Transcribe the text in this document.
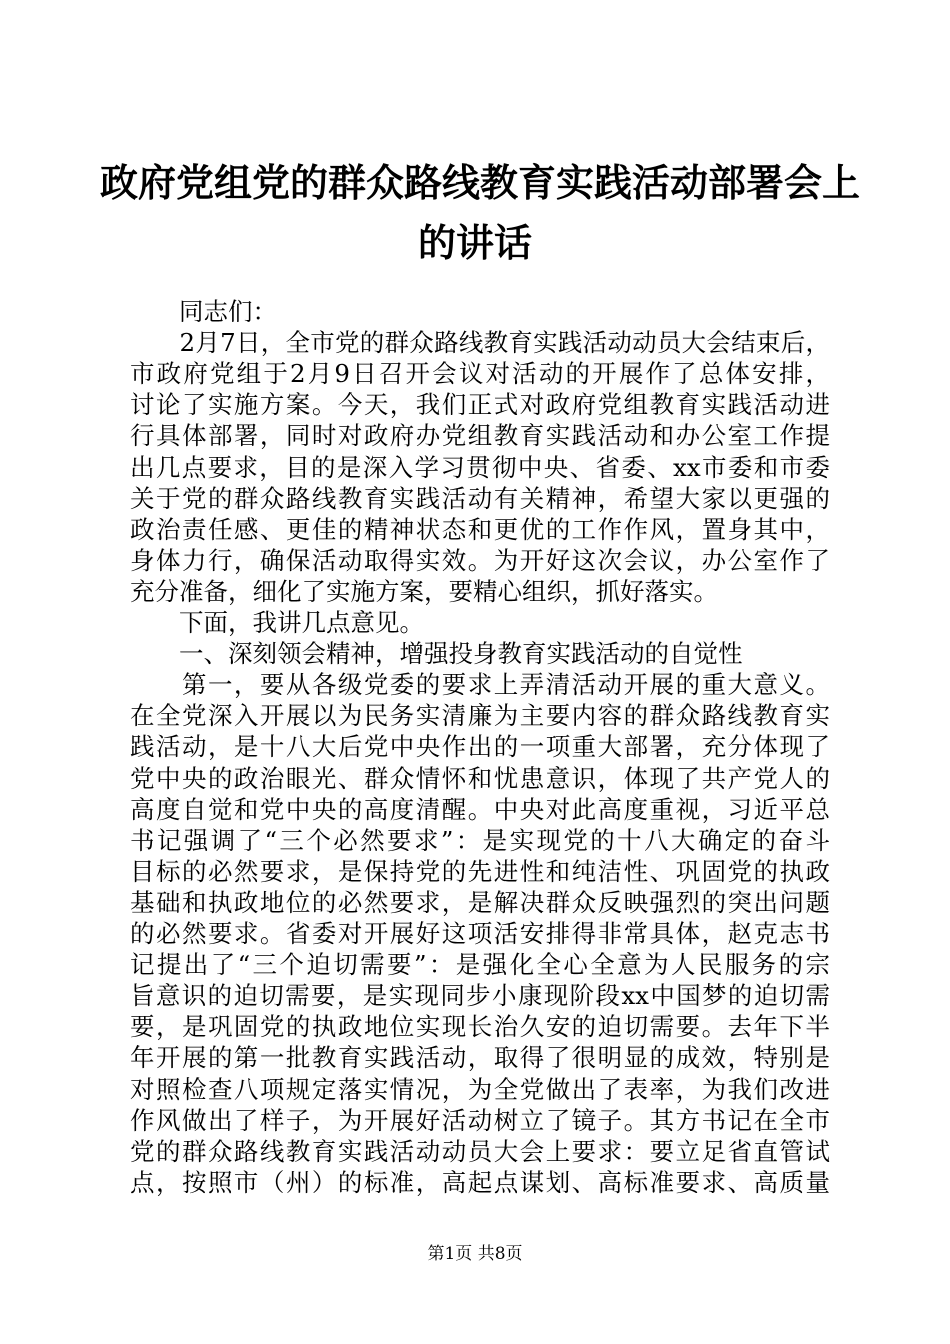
政府党组党的群众路线教育实践活动部署会上
的讲话
　　同志们：
　　2月7日，全市党的群众路线教育实践活动动员大会结束后，
市政府党组于2月9日召开会议对活动的开展作了总体安排，
讨论了实施方案。今天，我们正式对政府党组教育实践活动进
行具体部署，同时对政府办党组教育实践活动和办公室工作提
出几点要求，目的是深入学习贯彻中央、省委、xx市委和市委
关于党的群众路线教育实践活动有关精神，希望大家以更强的
政治责任感、更佳的精神状态和更优的工作作风，置身其中，
身体力行，确保活动取得实效。为开好这次会议，办公室作了
充分准备，细化了实施方案，要精心组织，抓好落实。
　　下面，我讲几点意见。
　　一、深刻领会精神，增强投身教育实践活动的自觉性
　　第一，要从各级党委的要求上弄清活动开展的重大意义。
在全党深入开展以为民务实清廉为主要内容的群众路线教育实
践活动，是十八大后党中央作出的一项重大部署，充分体现了
党中央的政治眼光、群众情怀和忧患意识，体现了共产党人的
高度自觉和党中央的高度清醒。中央对此高度重视，习近平总
书记强调了“三个必然要求”：是实现党的十八大确定的奋斗
目标的必然要求，是保持党的先进性和纯洁性、巩固党的执政
基础和执政地位的必然要求，是解决群众反映强烈的突出问题
的必然要求。省委对开展好这项活安排得非常具体，赵克志书
记提出了“三个迫切需要”：是强化全心全意为人民服务的宗
旨意识的迫切需要，是实现同步小康现阶段xx中国梦的迫切需
要，是巩固党的执政地位实现长治久安的迫切需要。去年下半
年开展的第一批教育实践活动，取得了很明显的成效，特别是
对照检查八项规定落实情况，为全党做出了表率，为我们改进
作风做出了样子，为开展好活动树立了镜子。其方书记在全市
党的群众路线教育实践活动动员大会上要求：要立足省直管试
点，按照市（州）的标准，高起点谋划、高标准要求、高质量
第1页 共8页
